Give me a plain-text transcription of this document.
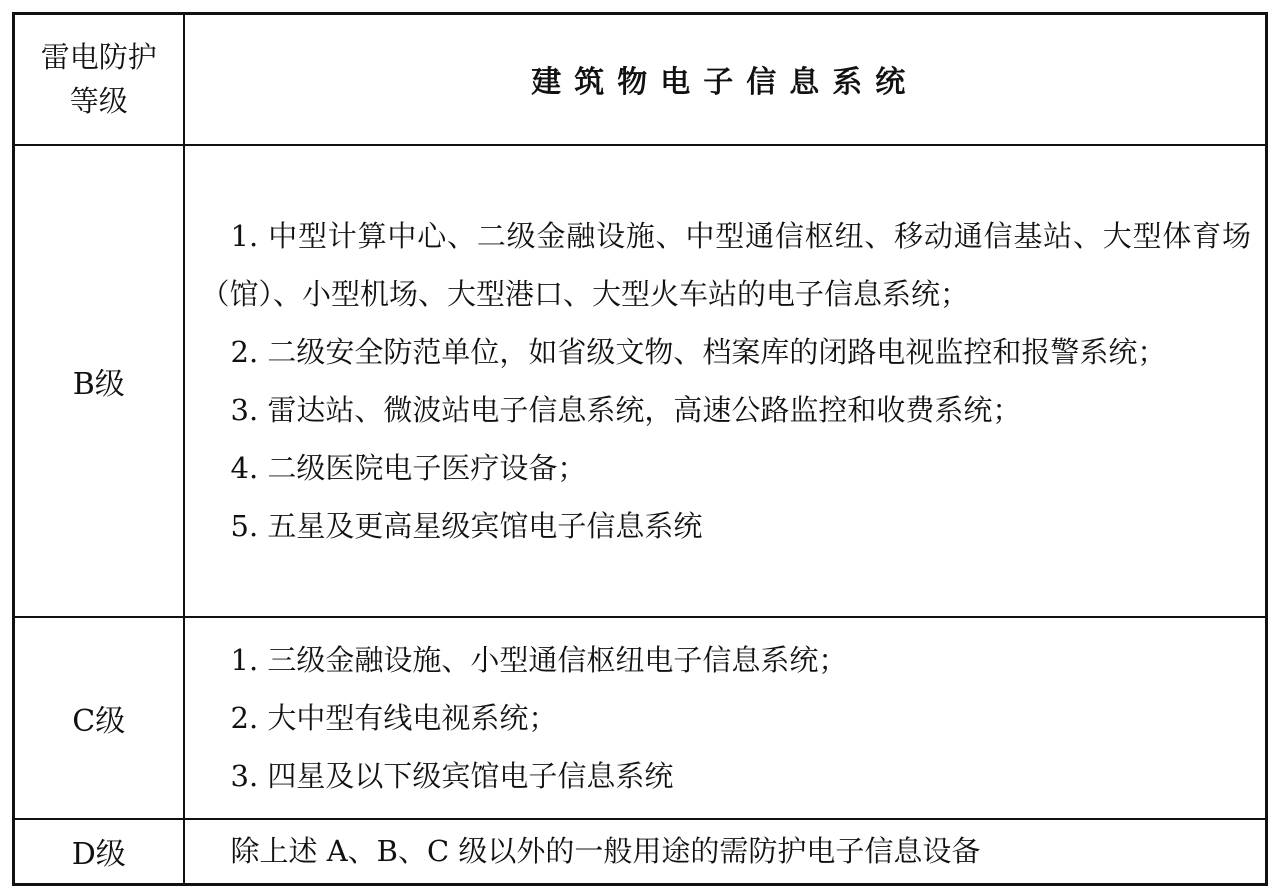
雷电防护
等级	建筑物电子信息系统
B级	1. 中型计算中心、二级金融设施、中型通信枢纽、移动通信基站、大型体育场（馆）、小型机场、大型港口、大型火车站的电子信息系统；
2. 二级安全防范单位，如省级文物、档案库的闭路电视监控和报警系统；
3. 雷达站、微波站电子信息系统，高速公路监控和收费系统；
4. 二级医院电子医疗设备；
5. 五星及更高星级宾馆电子信息系统

C级	1. 三级金融设施、小型通信枢纽电子信息系统；
2. 大中型有线电视系统；
3. 四星及以下级宾馆电子信息系统

D级	除上述 A、B、C 级以外的一般用途的需防护电子信息设备
